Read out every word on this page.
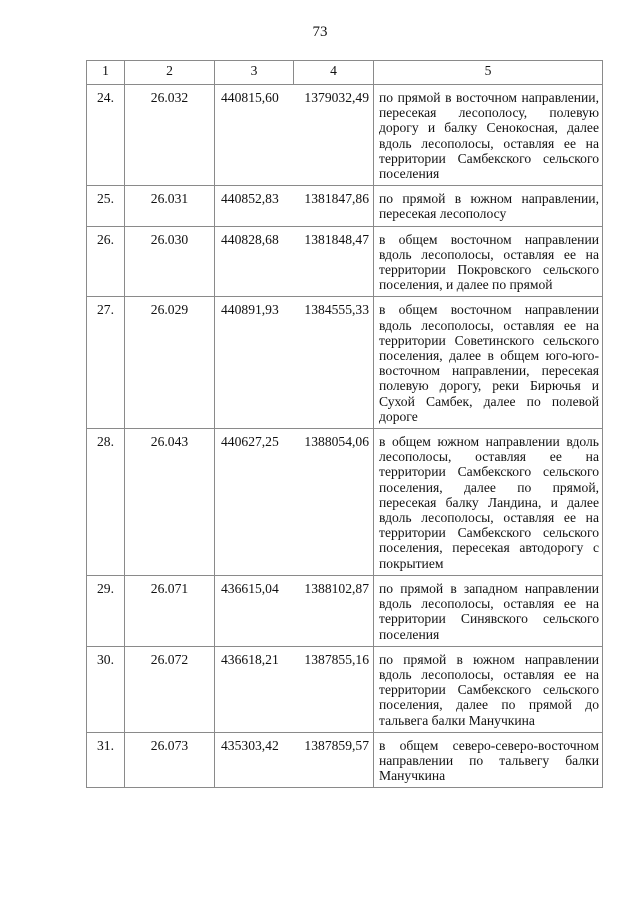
73
1	2	3	4	5
24.	26.032	440815,60	1379032,49	по прямой в восточном направлении, пересекая лесополосу, полевую дорогу и балку Сенокосная, далее вдоль лесополосы, оставляя ее на территории Самбекского сельского поселения
25.	26.031	440852,83	1381847,86	по прямой в южном направлении, пересекая лесополосу
26.	26.030	440828,68	1381848,47	в общем восточном направлении вдоль лесополосы, оставляя ее на территории Покровского сельского поселения, и далее по прямой
27.	26.029	440891,93	1384555,33	в общем восточном направлении вдоль лесополосы, оставляя ее на территории Советинского сельского поселения, далее в общем юго-юго-восточном направлении, пересекая полевую дорогу, реки Бирючья и Сухой Самбек, далее по полевой дороге
28.	26.043	440627,25	1388054,06	в общем южном направлении вдоль лесополосы, оставляя ее на территории Самбекского сельского поселения, далее по прямой, пересекая балку Ландина, и далее вдоль лесополосы, оставляя ее на территории Самбекского сельского поселения, пересекая автодорогу с покрытием
29.	26.071	436615,04	1388102,87	по прямой в западном направлении вдоль лесополосы, оставляя ее на территории Синявского сельского поселения
30.	26.072	436618,21	1387855,16	по прямой в южном направлении вдоль лесополосы, оставляя ее на территории Самбекского сельского поселения, далее по прямой до тальвега балки Манучкина
31.	26.073	435303,42	1387859,57	в общем северо-северо-восточном направлении по тальвегу балки Манучкина
